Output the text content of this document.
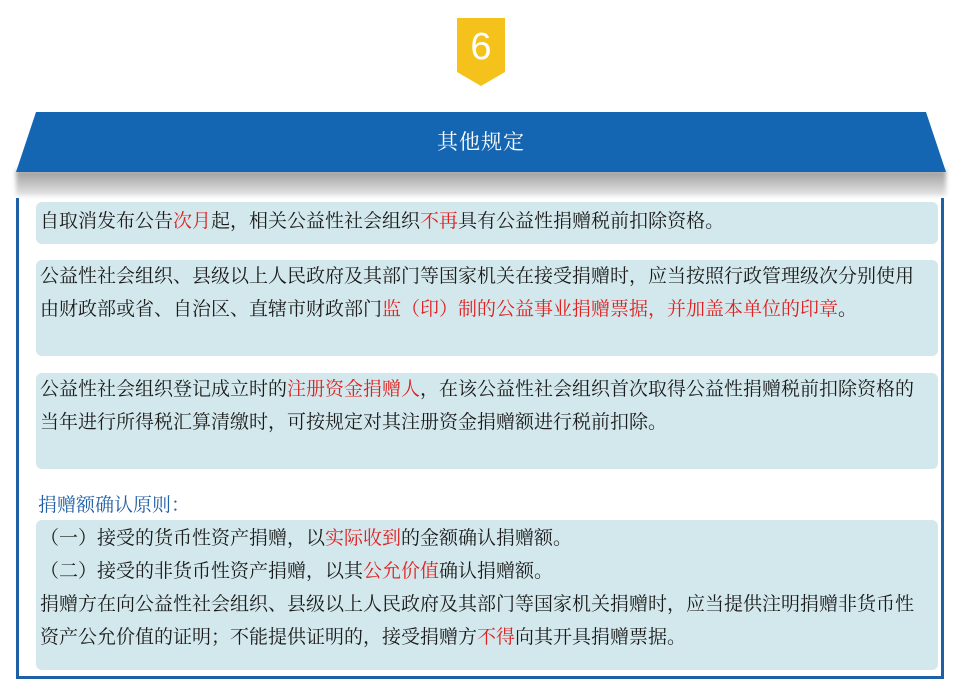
6
其他规定
自取消发布公告次月起，相关公益性社会组织不再具有公益性捐赠税前扣除资格。
公益性社会组织、县级以上人民政府及其部门等国家机关在接受捐赠时，应当按照行政管理级次分别使用由财政部或省、自治区、直辖市财政部门监（印）制的公益事业捐赠票据，并加盖本单位的印章。
公益性社会组织登记成立时的注册资金捐赠人，在该公益性社会组织首次取得公益性捐赠税前扣除资格的当年进行所得税汇算清缴时，可按规定对其注册资金捐赠额进行税前扣除。
捐赠额确认原则：
（一）接受的货币性资产捐赠，以实际收到的金额确认捐赠额。
（二）接受的非货币性资产捐赠，以其公允价值确认捐赠额。
捐赠方在向公益性社会组织、县级以上人民政府及其部门等国家机关捐赠时，应当提供注明捐赠非货币性资产公允价值的证明；不能提供证明的，接受捐赠方不得向其开具捐赠票据。
